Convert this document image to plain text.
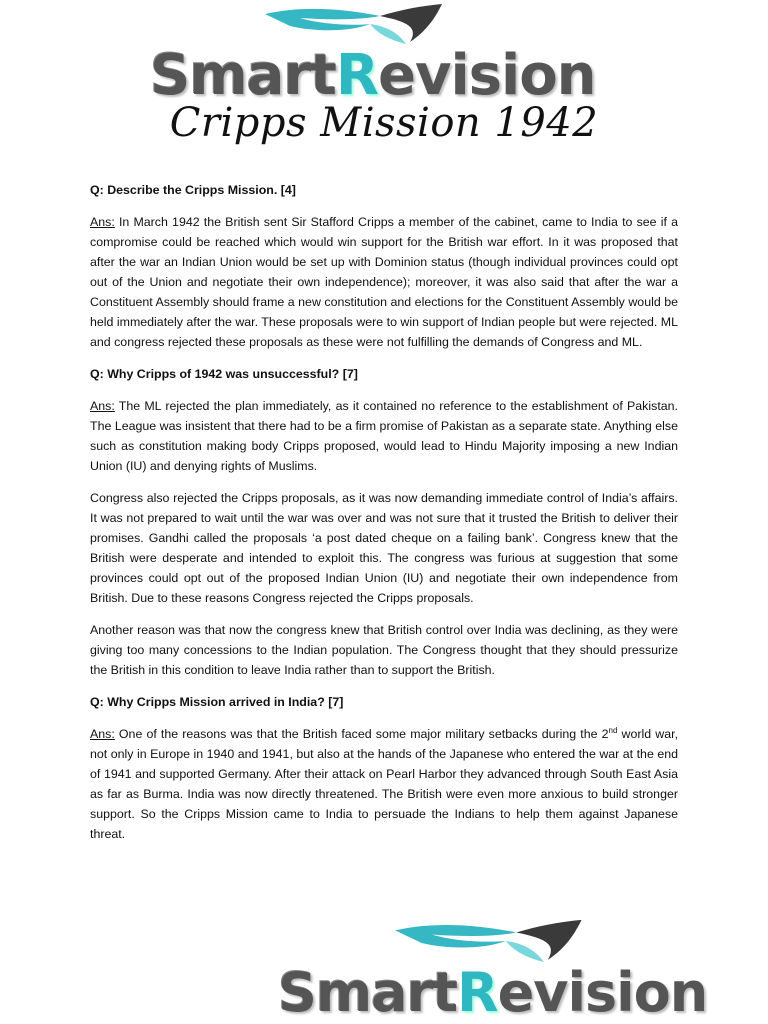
SmartRevision
Cripps Mission 1942
Q: Describe the Cripps Mission. [4]
Ans: In March 1942 the British sent Sir Stafford Cripps a member of the cabinet, came to India to see if a compromise could be reached which would win support for the British war effort. In it was proposed that after the war an Indian Union would be set up with Dominion status (though individual provinces could opt out of the Union and negotiate their own independence); moreover, it was also said that after the war a Constituent Assembly should frame a new constitution and elections for the Constituent Assembly would be held immediately after the war. These proposals were to win support of Indian people but were rejected. ML and congress rejected these proposals as these were not fulfilling the demands of Congress and ML.
Q: Why Cripps of 1942 was unsuccessful? [7]
Ans: The ML rejected the plan immediately, as it contained no reference to the establishment of Pakistan. The League was insistent that there had to be a firm promise of Pakistan as a separate state. Anything else such as constitution making body Cripps proposed, would lead to Hindu Majority imposing a new Indian Union (IU) and denying rights of Muslims.
Congress also rejected the Cripps proposals, as it was now demanding immediate control of India’s affairs. It was not prepared to wait until the war was over and was not sure that it trusted the British to deliver their promises. Gandhi called the proposals ‘a post dated cheque on a failing bank’. Congress knew that the British were desperate and intended to exploit this. The congress was furious at suggestion that some provinces could opt out of the proposed Indian Union (IU) and negotiate their own independence from British. Due to these reasons Congress rejected the Cripps proposals.
Another reason was that now the congress knew that British control over India was declining, as they were giving too many concessions to the Indian population. The Congress thought that they should pressurize the British in this condition to leave India rather than to support the British.
Q: Why Cripps Mission arrived in India? [7]
Ans: One of the reasons was that the British faced some major military setbacks during the 2nd world war, not only in Europe in 1940 and 1941, but also at the hands of the Japanese who entered the war at the end of 1941 and supported Germany. After their attack on Pearl Harbor they advanced through South East Asia as far as Burma. India was now directly threatened. The British were even more anxious to build stronger support. So the Cripps Mission came to India to persuade the Indians to help them against Japanese threat.
SmartRevision
